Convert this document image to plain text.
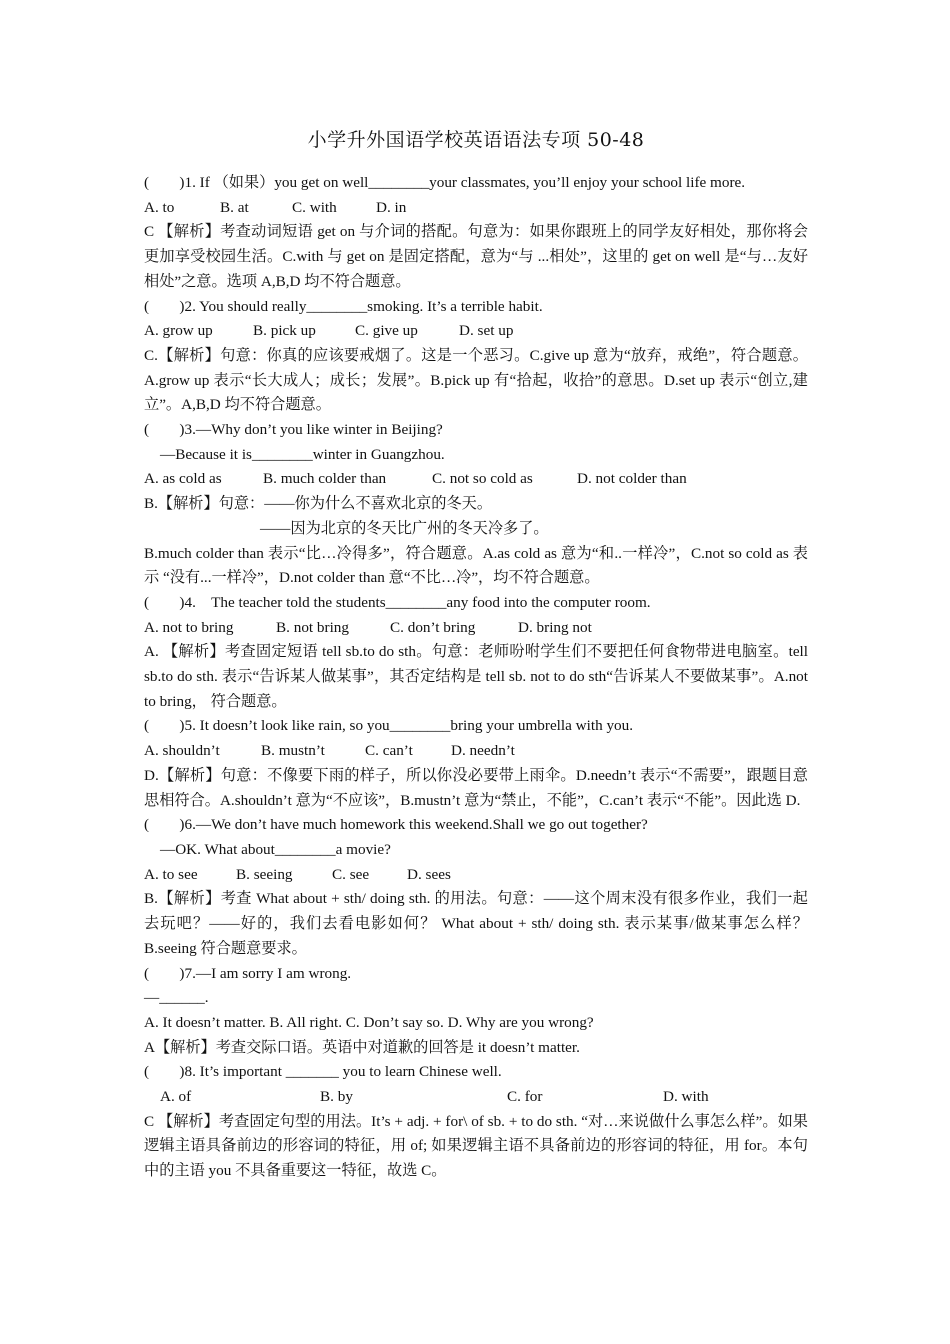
小学升外国语学校英语语法专项 50-48
(　　)1. If （如果）you get on well________your classmates, you’ll enjoy your school life more.
A. to	B. at	C. with	D. in
C 【解析】考查动词短语 get on 与介词的搭配。句意为：如果你跟班上的同学友好相处，那你将会更加享受校园生活。C.with 与 get on 是固定搭配，意为“与 ...相处”，这里的 get on well 是“与…友好相处”之意。选项 A,B,D 均不符合题意。
(　　)2. You should really________smoking. It’s a terrible habit.
A. grow up	B. pick up	C. give up	D. set up
C.【解析】句意：你真的应该要戒烟了。这是一个恶习。C.give up 意为“放弃，戒绝”，符合题意。A.grow up 表示“长大成人；成长；发展”。B.pick up 有“拾起，收拾”的意思。D.set up 表示“创立,建立”。A,B,D 均不符合题意。
(　　)3.—Why don’t you like winter in Beijing?
—Because it is________winter in Guangzhou.
A. as cold as	B. much colder than	C. not so cold as	D. not colder than
B.【解析】句意：——你为什么不喜欢北京的冬天。
——因为北京的冬天比广州的冬天冷多了。
B.much colder than 表示“比…冷得多”，符合题意。A.as cold as 意为“和..一样冷”，C.not so cold as 表示 “没有...一样冷”，D.not colder than 意“不比…冷”，均不符合题意。
(　　)4.　The teacher told the students________any food into the computer room.
A. not to bring	B. not bring	C. don’t bring	D. bring not
A. 【解析】考查固定短语 tell sb.to do sth。句意：老师吩咐学生们不要把任何食物带进电脑室。tell sb.to do sth. 表示“告诉某人做某事”，其否定结构是 tell sb. not to do sth“告诉某人不要做某事”。A.not to bring， 符合题意。
(　　)5. It doesn’t look like rain, so you________bring your umbrella with you.
A. shouldn’t	B. mustn’t	C. can’t	D. needn’t
D.【解析】句意：不像要下雨的样子，所以你没必要带上雨伞。D.needn’t 表示“不需要”，跟题目意思相符合。A.shouldn’t 意为“不应该”，B.mustn’t 意为“禁止，不能”，C.can’t 表示“不能”。因此选 D.
(　　)6.—We don’t have much homework this weekend.Shall we go out together?
—OK. What about________a movie?
A. to see	B. seeing	C. see D. sees
B.【解析】考查 What about + sth/ doing sth. 的用法。句意：——这个周末没有很多作业，我们一起去玩吧？——好的，我们去看电影如何？ What about + sth/ doing sth. 表示某事/做某事怎么样？ B.seeing 符合题意要求。
(　　)7.—I am sorry I am wrong.
—______.
A. It doesn’t matter. B. All right. C. Don’t say so. D. Why are you wrong?
A【解析】考查交际口语。英语中对道歉的回答是 it doesn’t matter.
(　　)8. It’s important _______ you to learn Chinese well.
A. of	B. by	C. for	D. with
C 【解析】考查固定句型的用法。It’s + adj. + for\ of sb. + to do sth. “对…来说做什么事怎么样”。如果逻辑主语具备前边的形容词的特征，用 of; 如果逻辑主语不具备前边的形容词的特征，用 for。本句中的主语 you 不具备重要这一特征，故选 C。
